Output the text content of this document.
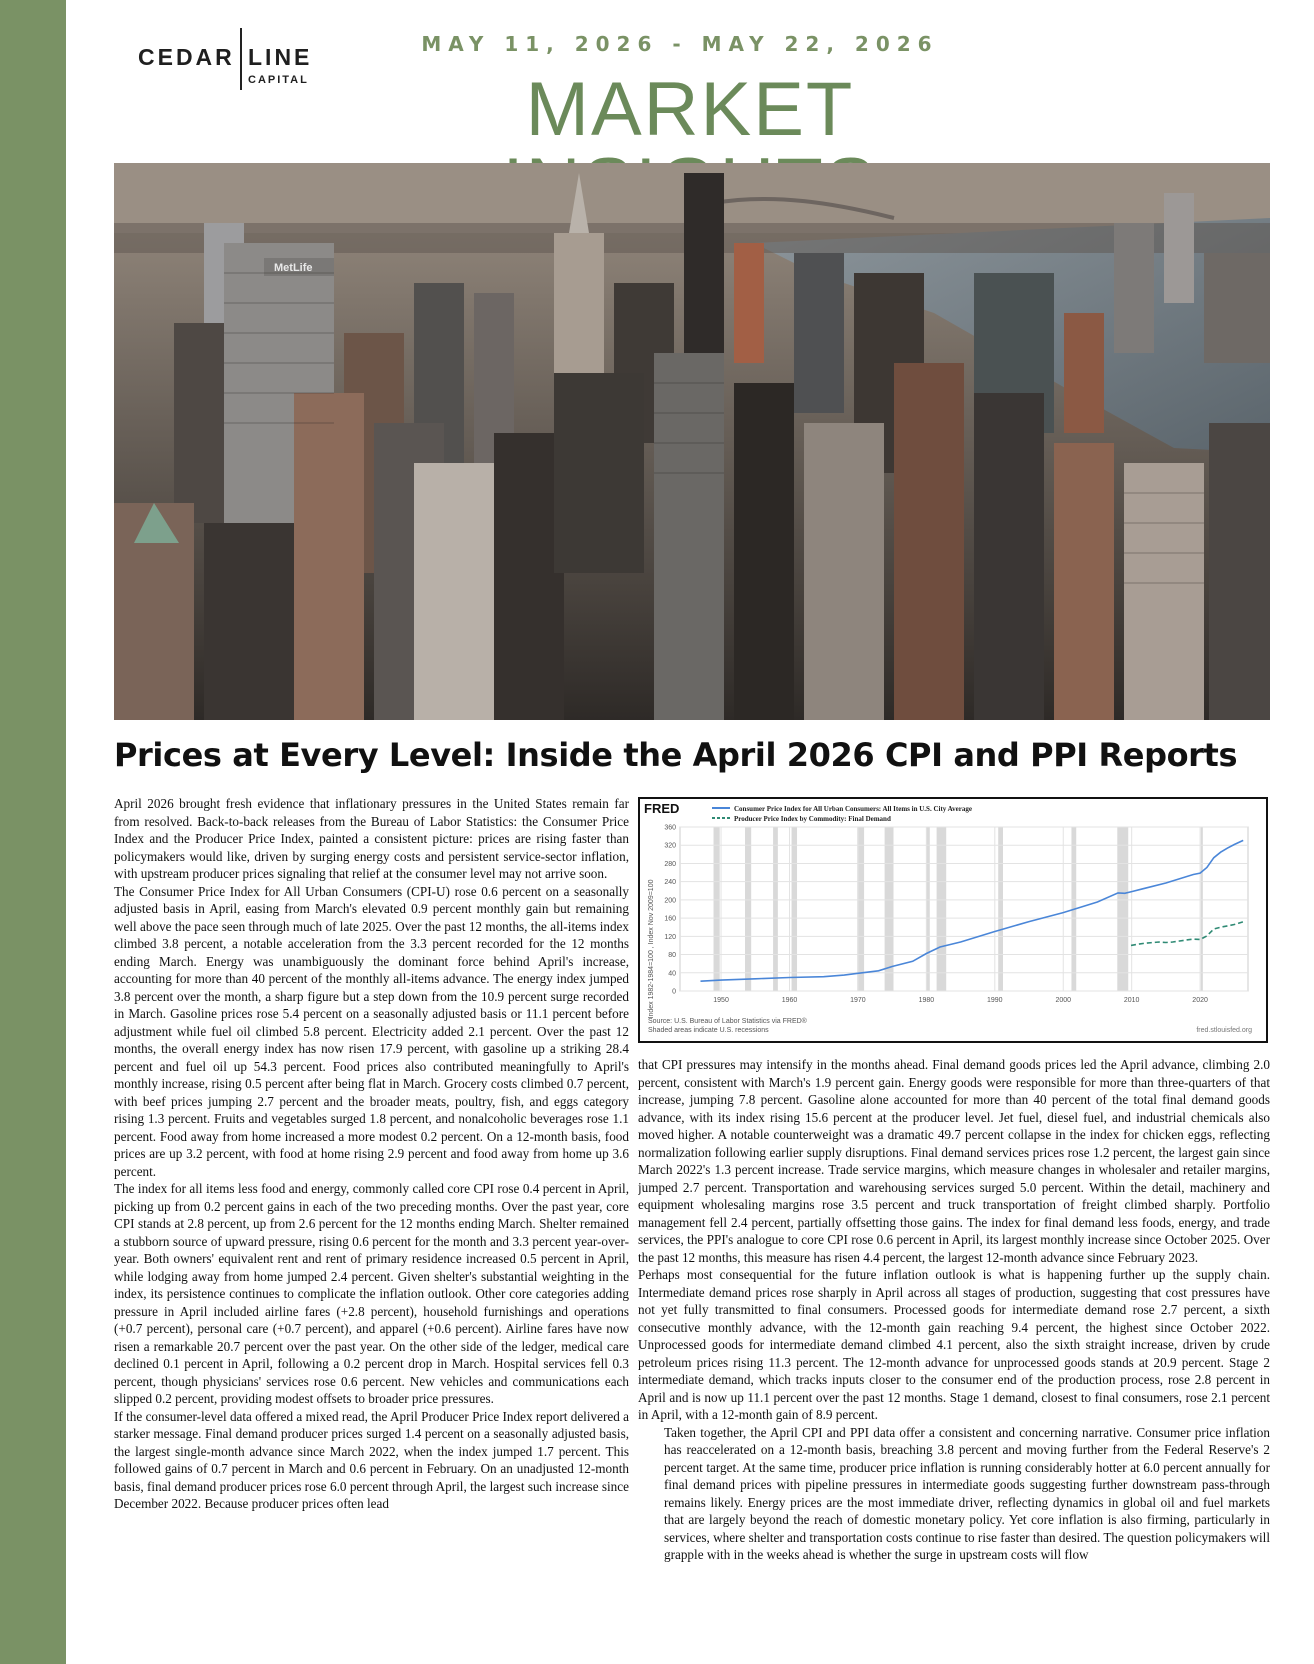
CEDAR LINE
CAPITAL
MAY 11, 2026 - MAY 22, 2026
MARKET
MetLife
Prices at Every Level: Inside the April 2026 CPI and PPI Reports

April 2026 brought fresh evidence that inflationary pressures in the United States remain far from resolved. Back-to-back releases from the Bureau of Labor Statistics: the Consumer Price Index and the Producer Price Index, painted a consistent picture: prices are rising faster than policymakers would like, driven by surging energy costs and persistent service-sector inflation, with upstream producer prices signaling that relief at the consumer level may not arrive soon.

The Consumer Price Index for All Urban Consumers (CPI-U) rose 0.6 percent on a seasonally adjusted basis in April, easing from March's elevated 0.9 percent monthly gain but remaining well above the pace seen through much of late 2025. Over the past 12 months, the all-items index climbed 3.8 percent, a notable acceleration from the 3.3 percent recorded for the 12 months ending March. Energy was unambiguously the dominant force behind April's increase, accounting for more than 40 percent of the monthly all-items advance. The energy index jumped 3.8 percent over the month, a sharp figure but a step down from the 10.9 percent surge recorded in March. Gasoline prices rose 5.4 percent on a seasonally adjusted basis or 11.1 percent before adjustment while fuel oil climbed 5.8 percent. Electricity added 2.1 percent. Over the past 12 months, the overall energy index has now risen 17.9 percent, with gasoline up a striking 28.4 percent and fuel oil up 54.3 percent. Food prices also contributed meaningfully to April's monthly increase, rising 0.5 percent after being flat in March. Grocery costs climbed 0.7 percent, with beef prices jumping 2.7 percent and the broader meats, poultry, fish, and eggs category rising 1.3 percent. Fruits and vegetables surged 1.8 percent, and nonalcoholic beverages rose 1.1 percent. Food away from home increased a more modest 0.2 percent. On a 12-month basis, food prices are up 3.2 percent, with food at home rising 2.9 percent and food away from home up 3.6 percent.

The index for all items less food and energy, commonly called core CPI rose 0.4 percent in April, picking up from 0.2 percent gains in each of the two preceding months. Over the past year, core CPI stands at 2.8 percent, up from 2.6 percent for the 12 months ending March. Shelter remained a stubborn source of upward pressure, rising 0.6 percent for the month and 3.3 percent year-over-year. Both owners' equivalent rent and rent of primary residence increased 0.5 percent in April, while lodging away from home jumped 2.4 percent. Given shelter's substantial weighting in the index, its persistence continues to complicate the inflation outlook. Other core categories adding pressure in April included airline fares (+2.8 percent), household furnishings and operations (+0.7 percent), personal care (+0.7 percent), and apparel (+0.6 percent). Airline fares have now risen a remarkable 20.7 percent over the past year. On the other side of the ledger, medical care declined 0.1 percent in April, following a 0.2 percent drop in March. Hospital services fell 0.3 percent, though physicians' services rose 0.6 percent. New vehicles and communications each slipped 0.2 percent, providing modest offsets to broader price pressures.

If the consumer-level data offered a mixed read, the April Producer Price Index report delivered a starker message. Final demand producer prices surged 1.4 percent on a seasonally adjusted basis, the largest single-month advance since March 2022, when the index jumped 1.7 percent. This followed gains of 0.7 percent in March and 0.6 percent in February. On an unadjusted 12-month basis, final demand producer prices rose 6.0 percent through April, the largest such increase since December 2022. Because producer prices often lead

FRED	Consumer Price Index for All Urban Consumers: All Items in U.S. City Average
Producer Price Index by Commodity: Final Demand
0
40
80
120
160
200
240
280
320
360
1950	1960	1970	1980	1990	2000	2010	2020
Index 1982-1984=100 , Index Nov 2009=100
Source: U.S. Bureau of Labor Statistics via FRED®
Shaded areas indicate U.S. recessions	fred.stlouisfed.org

that CPI pressures may intensify in the months ahead. Final demand goods prices led the April advance, climbing 2.0 percent, consistent with March's 1.9 percent gain. Energy goods were responsible for more than three-quarters of that increase, jumping 7.8 percent. Gasoline alone accounted for more than 40 percent of the total final demand goods advance, with its index rising 15.6 percent at the producer level. Jet fuel, diesel fuel, and industrial chemicals also moved higher. A notable counterweight was a dramatic 49.7 percent collapse in the index for chicken eggs, reflecting normalization following earlier supply disruptions. Final demand services prices rose 1.2 percent, the largest gain since March 2022's 1.3 percent increase. Trade service margins, which measure changes in wholesaler and retailer margins, jumped 2.7 percent. Transportation and warehousing services surged 5.0 percent. Within the detail, machinery and equipment wholesaling margins rose 3.5 percent and truck transportation of freight climbed sharply. Portfolio management fell 2.4 percent, partially offsetting those gains. The index for final demand less foods, energy, and trade services, the PPI's analogue to core CPI rose 0.6 percent in April, its largest monthly increase since October 2025. Over the past 12 months, this measure has risen 4.4 percent, the largest 12-month advance since February 2023.

Perhaps most consequential for the future inflation outlook is what is happening further up the supply chain. Intermediate demand prices rose sharply in April across all stages of production, suggesting that cost pressures have not yet fully transmitted to final consumers. Processed goods for intermediate demand rose 2.7 percent, a sixth consecutive monthly advance, with the 12-month gain reaching 9.4 percent, the highest since October 2022. Unprocessed goods for intermediate demand climbed 4.1 percent, also the sixth straight increase, driven by crude petroleum prices rising 11.3 percent. The 12-month advance for unprocessed goods stands at 20.9 percent. Stage 2 intermediate demand, which tracks inputs closer to the consumer end of the production process, rose 2.8 percent in April and is now up 11.1 percent over the past 12 months. Stage 1 demand, closest to final consumers, rose 2.1 percent in April, with a 12-month gain of 8.9 percent.

Taken together, the April CPI and PPI data offer a consistent and concerning narrative. Consumer price inflation has reaccelerated on a 12-month basis, breaching 3.8 percent and moving further from the Federal Reserve's 2 percent target. At the same time, producer price inflation is running considerably hotter at 6.0 percent annually for final demand prices with pipeline pressures in intermediate goods suggesting further downstream pass-through remains likely. Energy prices are the most immediate driver, reflecting dynamics in global oil and fuel markets that are largely beyond the reach of domestic monetary policy. Yet core inflation is also firming, particularly in services, where shelter and transportation costs continue to rise faster than desired. The question policymakers will grapple with in the weeks ahead is whether the surge in upstream costs will flow
